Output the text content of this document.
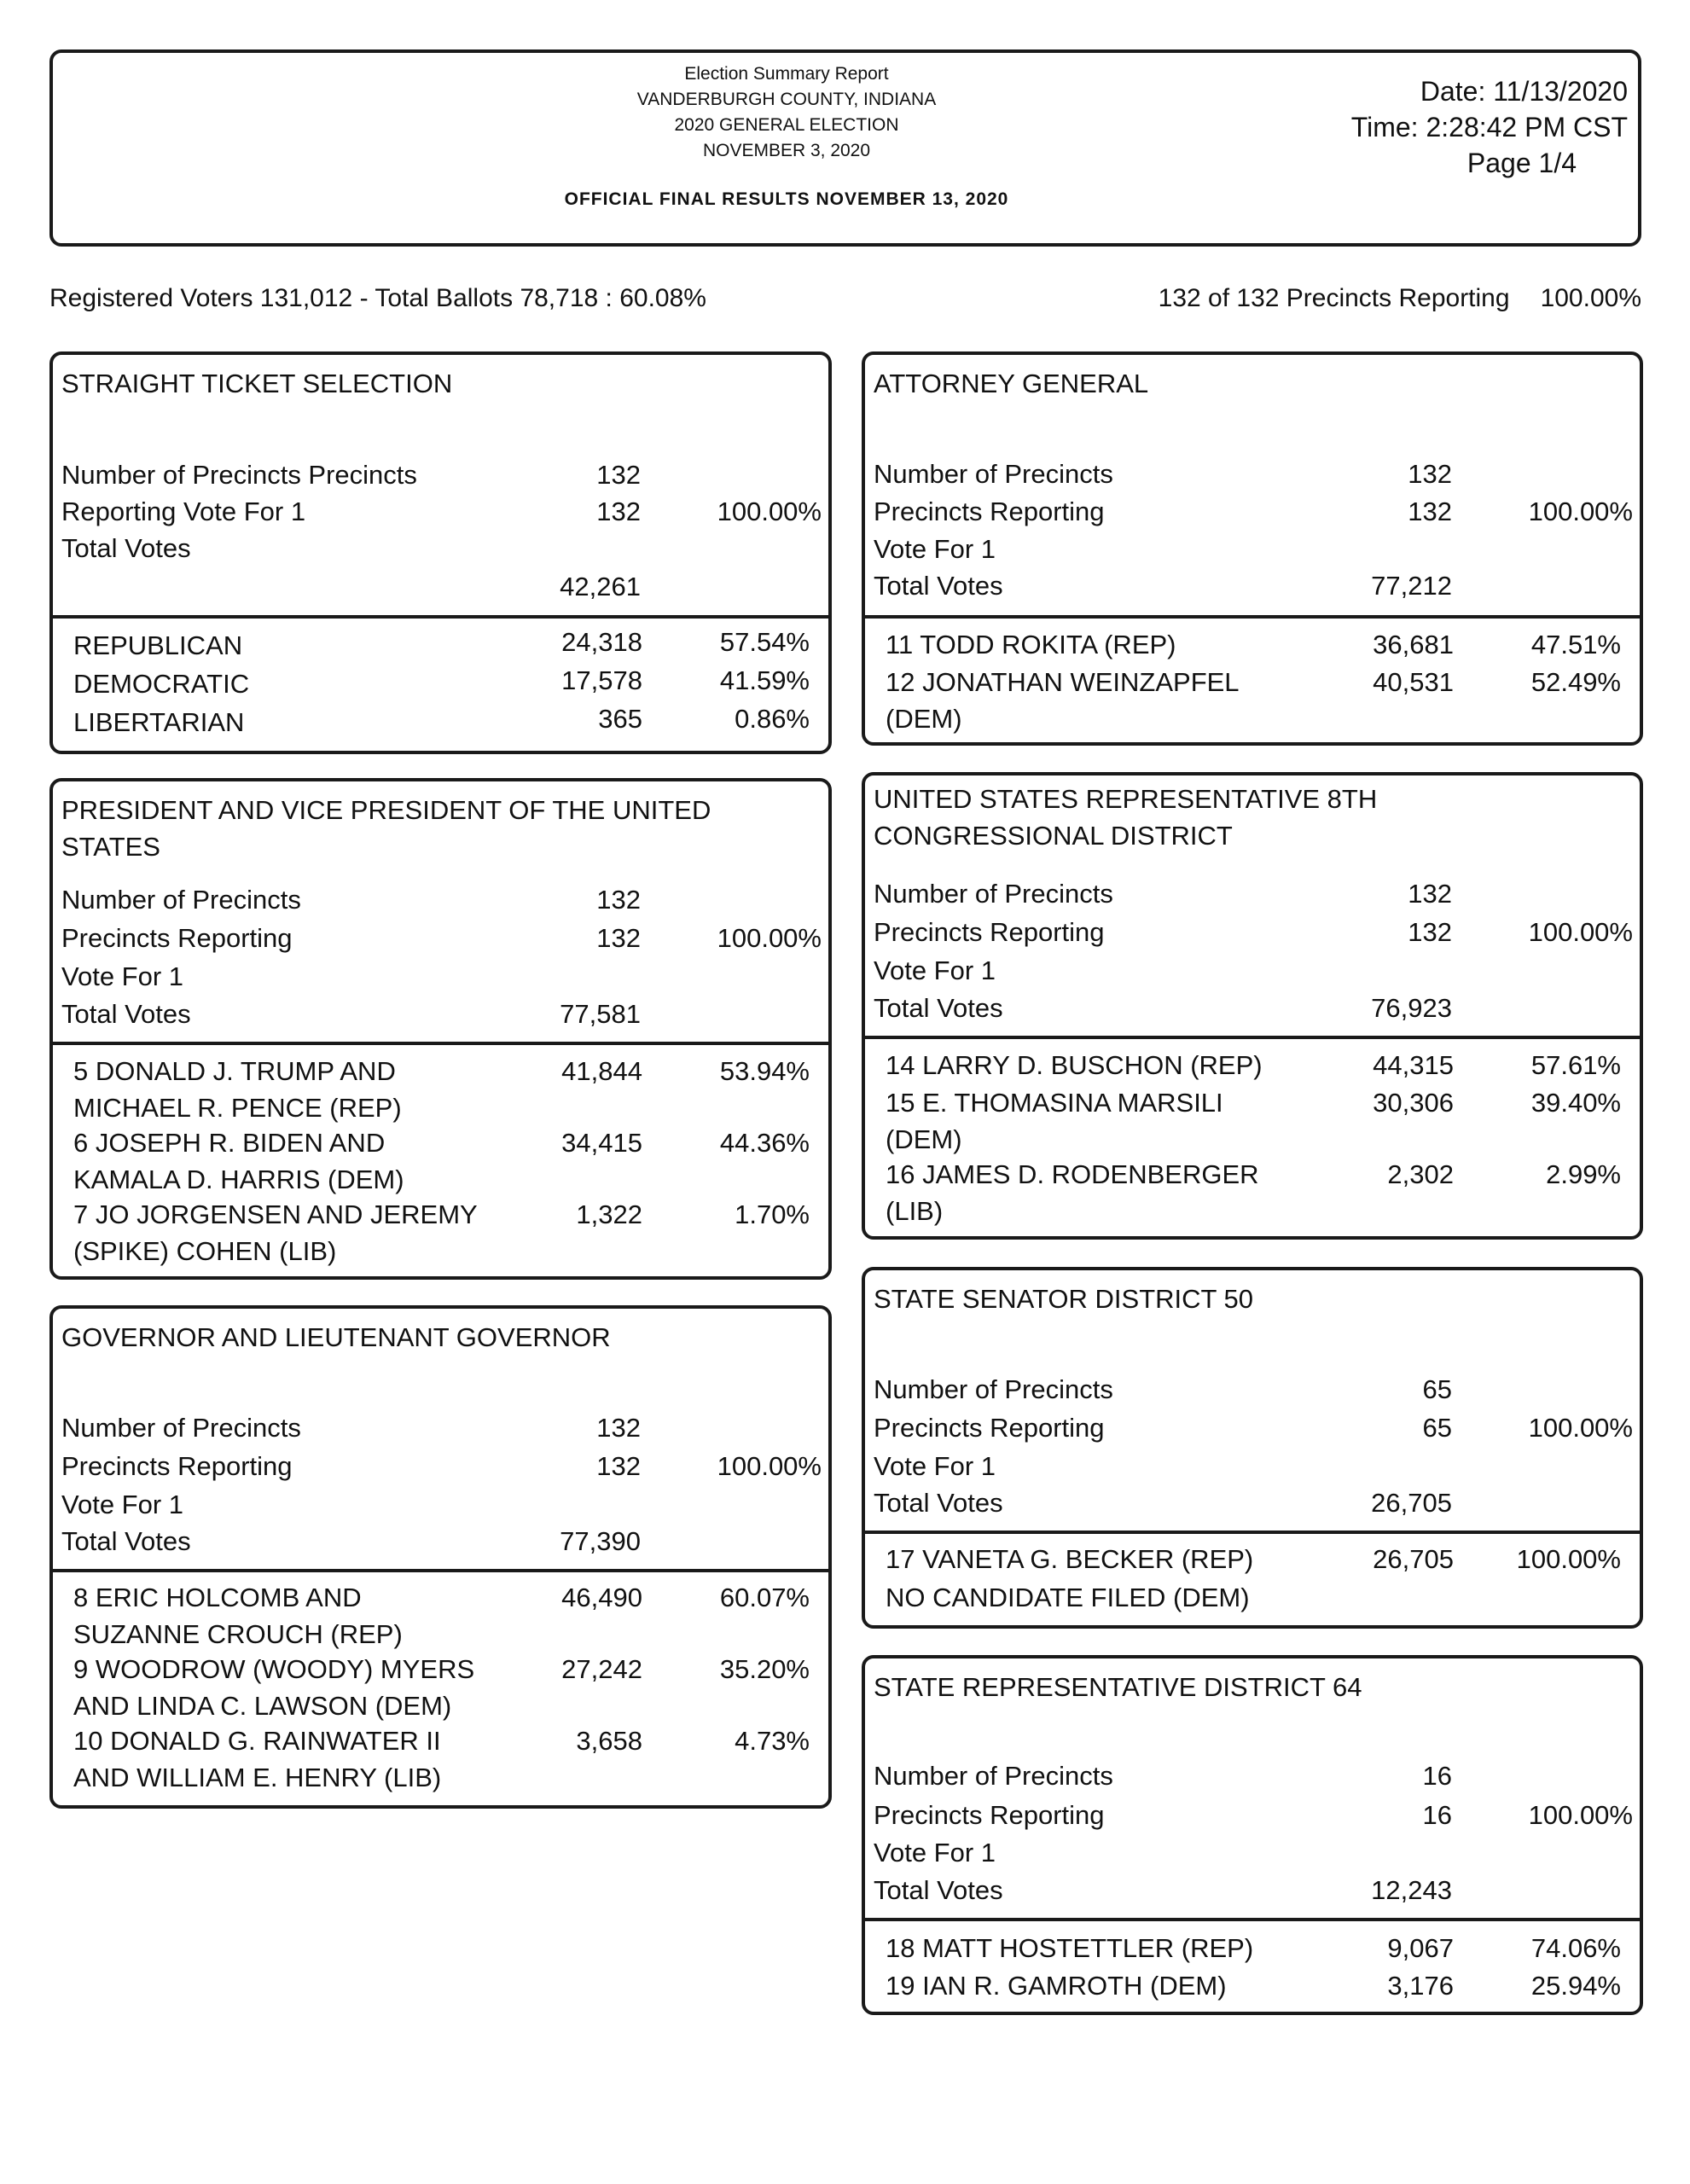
Election Summary Report
VANDERBURGH COUNTY, INDIANA
2020 GENERAL ELECTION
NOVEMBER 3, 2020
OFFICIAL FINAL RESULTS NOVEMBER 13, 2020
Date: 11/13/2020
Time: 2:28:42 PM CST
Page 1/4
Registered Voters 131,012 - Total Ballots 78,718 : 60.08%	132 of 132 Precincts Reporting 100.00%
STRAIGHT TICKET SELECTION
Number of Precincts Precincts	132
Reporting Vote For 1	132	100.00%
Total Votes
42,261
REPUBLICAN	24,318	57.54%
DEMOCRATIC	17,578	41.59%
LIBERTARIAN	365	0.86%
PRESIDENT AND VICE PRESIDENT OF THE UNITED STATES
Number of Precincts	132
Precincts Reporting	132	100.00%
Vote For 1
Total Votes	77,581
5 DONALD J. TRUMP AND
MICHAEL R. PENCE (REP)
41,844	53.94%
6 JOSEPH R. BIDEN AND
KAMALA D. HARRIS (DEM)
34,415	44.36%
7 JO JORGENSEN AND JEREMY
(SPIKE) COHEN (LIB)
1,322	1.70%
GOVERNOR AND LIEUTENANT GOVERNOR
Number of Precincts	132
Precincts Reporting	132	100.00%
Vote For 1
Total Votes	77,390
8 ERIC HOLCOMB AND
SUZANNE CROUCH (REP)
46,490	60.07%
9 WOODROW (WOODY) MYERS
AND LINDA C. LAWSON (DEM)
27,242	35.20%
10 DONALD G. RAINWATER II
AND WILLIAM E. HENRY (LIB)
3,658	4.73%
ATTORNEY GENERAL
Number of Precincts	132
Precincts Reporting	132	100.00%
Vote For 1
Total Votes	77,212
11 TODD ROKITA (REP)	36,681	47.51%
12 JONATHAN WEINZAPFEL
(DEM)
40,531	52.49%
UNITED STATES REPRESENTATIVE 8TH CONGRESSIONAL DISTRICT
Number of Precincts	132
Precincts Reporting	132	100.00%
Vote For 1
Total Votes	76,923
14 LARRY D. BUSCHON (REP)	44,315	57.61%
15 E. THOMASINA MARSILI
(DEM)
30,306	39.40%
16 JAMES D. RODENBERGER
(LIB)
2,302	2.99%
STATE SENATOR DISTRICT 50
Number of Precincts	65
Precincts Reporting	65	100.00%
Vote For 1
Total Votes	26,705
17 VANETA G. BECKER (REP)	26,705 100.00%
NO CANDIDATE FILED (DEM)
STATE REPRESENTATIVE DISTRICT 64
Number of Precincts	16
Precincts Reporting	16	100.00%
Vote For 1
Total Votes	12,243
18 MATT HOSTETTLER (REP)	9,067	74.06%
19 IAN R. GAMROTH (DEM)	3,176	25.94%
